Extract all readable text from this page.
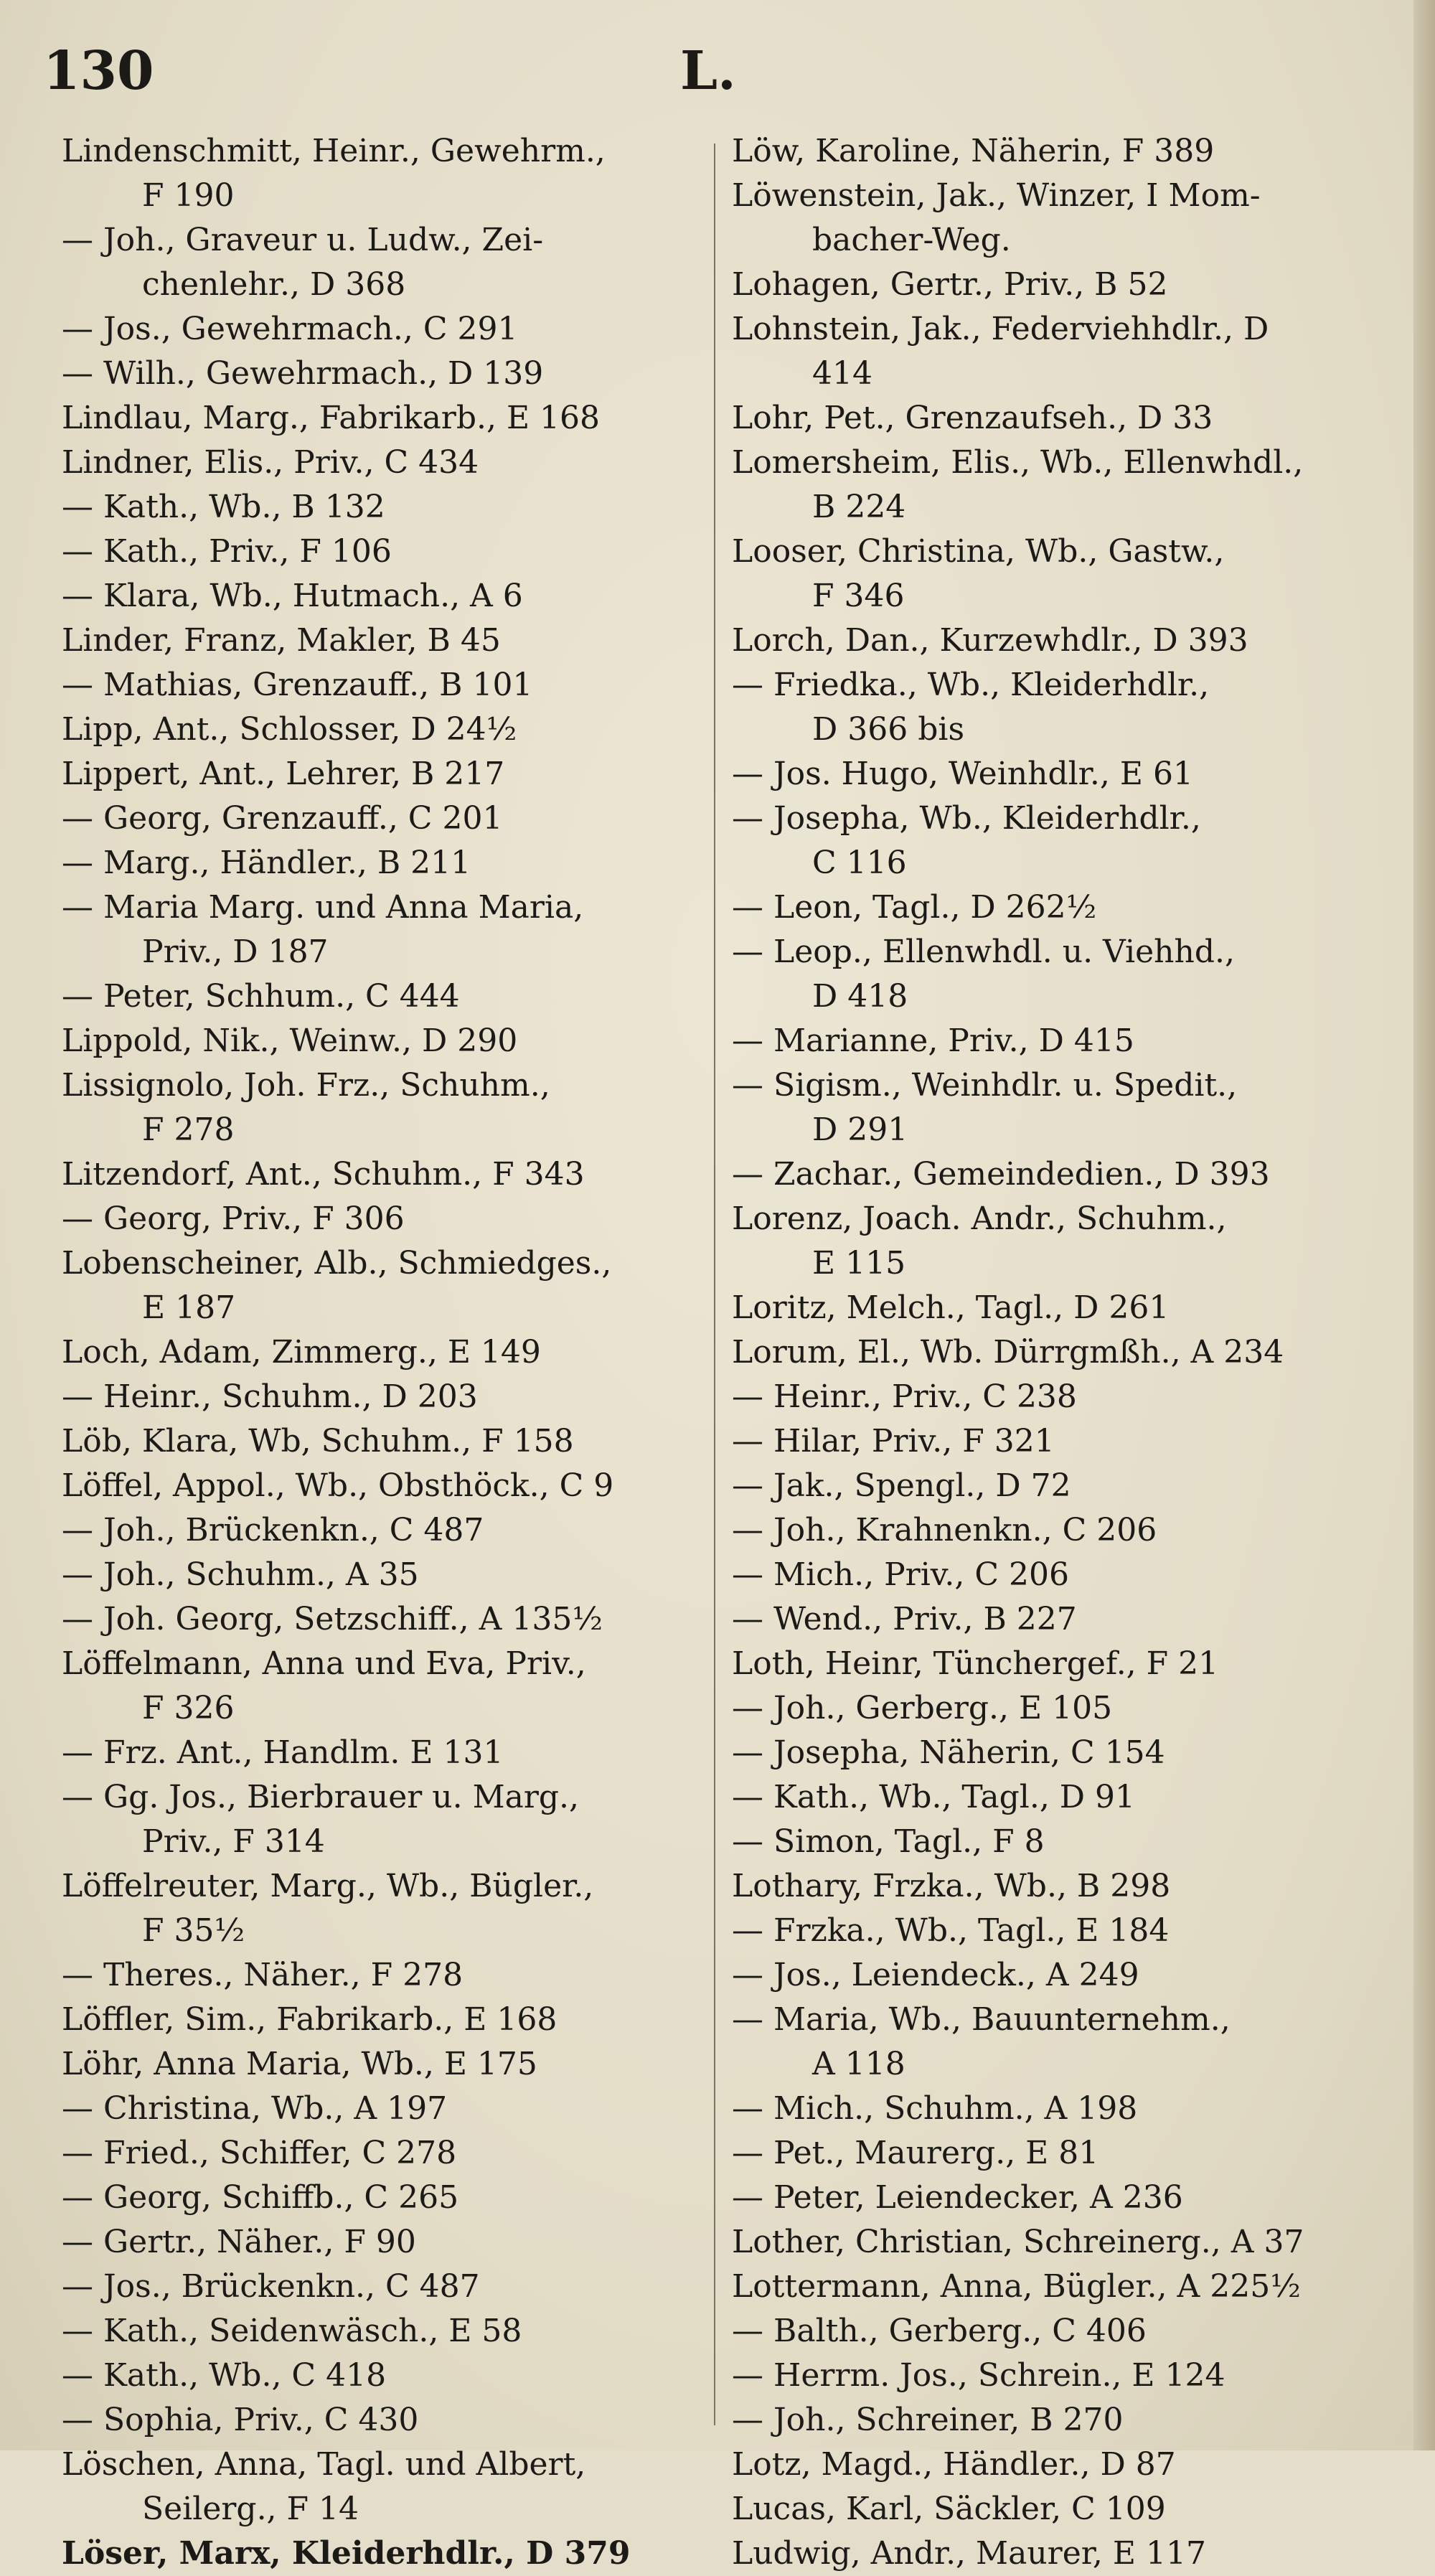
130	L.
Lindenschmitt, Heinr., Gewehrm.,
F 190
— Joh., Graveur u. Ludw., Zei-
chenlehr., D 368
— Jos., Gewehrmach., C 291
— Wilh., Gewehrmach., D 139
Lindlau, Marg., Fabrikarb., E 168
Lindner, Elis., Priv., C 434
— Kath., Wb., B 132
— Kath., Priv., F 106
— Klara, Wb., Hutmach., A 6
Linder, Franz, Makler, B 45
— Mathias, Grenzauff., B 101
Lipp, Ant., Schlosser, D 24½
Lippert, Ant., Lehrer, B 217
— Georg, Grenzauff., C 201
— Marg., Händler., B 211
— Maria Marg. und Anna Maria,
Priv., D 187
— Peter, Schhum., C 444
Lippold, Nik., Weinw., D 290
Lissignolo, Joh. Frz., Schuhm.,
F 278
Litzendorf, Ant., Schuhm., F 343
— Georg, Priv., F 306
Lobenscheiner, Alb., Schmiedges.,
E 187
Loch, Adam, Zimmerg., E 149
— Heinr., Schuhm., D 203
Löb, Klara, Wb, Schuhm., F 158
Löffel, Appol., Wb., Obsthöck., C 9
— Joh., Brückenkn., C 487
— Joh., Schuhm., A 35
— Joh. Georg, Setzschiff., A 135½
Löffelmann, Anna und Eva, Priv.,
F 326
— Frz. Ant., Handlm. E 131
— Gg. Jos., Bierbrauer u. Marg.,
Priv., F 314
Löffelreuter, Marg., Wb., Bügler.,
F 35½
— Theres., Näher., F 278
Löffler, Sim., Fabrikarb., E 168
Löhr, Anna Maria, Wb., E 175
— Christina, Wb., A 197
— Fried., Schiffer, C 278
— Georg, Schiffb., C 265
— Gertr., Näher., F 90
— Jos., Brückenkn., C 487
— Kath., Seidenwäsch., E 58
— Kath., Wb., C 418
— Sophia, Priv., C 430
Löschen, Anna, Tagl. und Albert,
Seilerg., F 14
Löser, Marx, Kleiderhdlr., D 379
Löw, Karoline, Näherin, F 389
Löwenstein, Jak., Winzer, I Mom-
bacher-Weg.
Lohagen, Gertr., Priv., B 52
Lohnstein, Jak., Federviehhdlr., D
414
Lohr, Pet., Grenzaufseh., D 33
Lomersheim, Elis., Wb., Ellenwhdl.,
B 224
Looser, Christina, Wb., Gastw.,
F 346
Lorch, Dan., Kurzewhdlr., D 393
— Friedka., Wb., Kleiderhdlr.,
D 366 bis
— Jos. Hugo, Weinhdlr., E 61
— Josepha, Wb., Kleiderhdlr.,
C 116
— Leon, Tagl., D 262½
— Leop., Ellenwhdl. u. Viehhd.,
D 418
— Marianne, Priv., D 415
— Sigism., Weinhdlr. u. Spedit.,
D 291
— Zachar., Gemeindedien., D 393
Lorenz, Joach. Andr., Schuhm.,
E 115
Loritz, Melch., Tagl., D 261
Lorum, El., Wb. Dürrgmßh., A 234
— Heinr., Priv., C 238
— Hilar, Priv., F 321
— Jak., Spengl., D 72
— Joh., Krahnenkn., C 206
— Mich., Priv., C 206
— Wend., Priv., B 227
Loth, Heinr, Tünchergef., F 21
— Joh., Gerberg., E 105
— Josepha, Näherin, C 154
— Kath., Wb., Tagl., D 91
— Simon, Tagl., F 8
Lothary, Frzka., Wb., B 298
— Frzka., Wb., Tagl., E 184
— Jos., Leiendeck., A 249
— Maria, Wb., Bauunternehm.,
A 118
— Mich., Schuhm., A 198
— Pet., Maurerg., E 81
— Peter, Leiendecker, A 236
Lother, Christian, Schreinerg., A 37
Lottermann, Anna, Bügler., A 225½
— Balth., Gerberg., C 406
— Herrm. Jos., Schrein., E 124
— Joh., Schreiner, B 270
Lotz, Magd., Händler., D 87
Lucas, Karl, Säckler, C 109
Ludwig, Andr., Maurer, E 117
